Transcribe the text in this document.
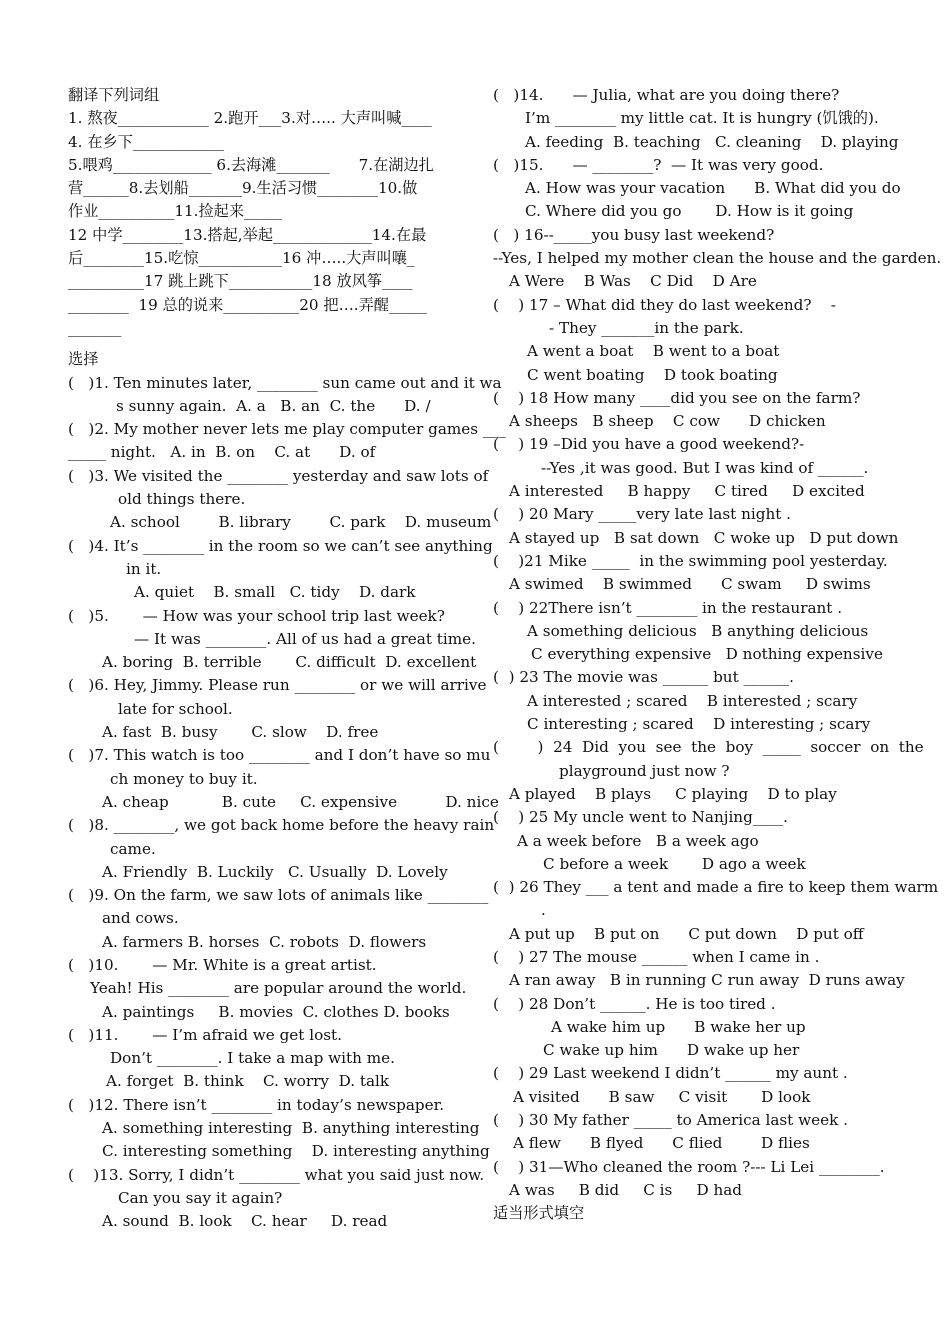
翻译下列词组
1. 熬夜____________ 2.跑开___3.对….. 大声叫喊____
4. 在乡下____________
5.喂鸡_____________ 6.去海滩_______      7.在湖边扎
营______8.去划船_______9.生活习惯________10.做
作业__________11.捡起来_____
12 中学________13.搭起,举起_____________14.在最
后________15.吃惊___________16 冲…..大声叫嚷_
__________17 跳上跳下___________18 放风筝____
________  19 总的说来__________20 把….弄醒_____
_______
选择
(   )1. Ten minutes later, ________ sun came out and it wa
s sunny again.  A. a   B. an  C. the      D. /
(   )2. My mother never lets me play computer games ___
_____ night.   A. in  B. on    C. at      D. of
(   )3. We visited the ________ yesterday and saw lots of
old things there.
A. school        B. library        C. park    D. museum
(   )4. It’s ________ in the room so we can’t see anything
in it.
A. quiet    B. small   C. tidy    D. dark
(   )5.       — How was your school trip last week?
— It was ________. All of us had a great time.
A. boring  B. terrible       C. difficult  D. excellent
(   )6. Hey, Jimmy. Please run ________ or we will arrive
late for school.
A. fast  B. busy       C. slow    D. free
(   )7. This watch is too ________ and I don’t have so mu
ch money to buy it.
A. cheap           B. cute     C. expensive          D. nice
(   )8. ________, we got back home before the heavy rain
came.
A. Friendly  B. Luckily   C. Usually  D. Lovely
(   )9. On the farm, we saw lots of animals like ________
and cows.
A. farmers B. horses  C. robots  D. flowers
(   )10.       — Mr. White is a great artist.
Yeah! His ________ are popular around the world.
A. paintings     B. movies  C. clothes D. books
(   )11.       — I’m afraid we get lost.
Don’t ________. I take a map with me.
A. forget  B. think    C. worry  D. talk
(   )12. There isn’t ________ in today’s newspaper.
A. something interesting  B. anything interesting
C. interesting something    D. interesting anything
(    )13. Sorry, I didn’t ________ what you said just now.
Can you say it again?
A. sound  B. look    C. hear     D. read
(   )14.      — Julia, what are you doing there?
I’m ________ my little cat. It is hungry (饥饿的).
A. feeding  B. teaching   C. cleaning    D. playing
(   )15.      — ________?  — It was very good.
A. How was your vacation      B. What did you do
C. Where did you go       D. How is it going
(   ) 16--_____you busy last weekend?
--Yes, I helped my mother clean the house and the garden.
A Were    B Was    C Did    D Are
(    ) 17 – What did they do last weekend?    -
- They _______in the park.
A went a boat    B went to a boat
C went boating    D took boating
(    ) 18 How many ____did you see on the farm?
A sheeps   B sheep    C cow      D chicken
(    ) 19 –Did you have a good weekend?-
--Yes ,it was good. But I was kind of ______.
A interested     B happy     C tired     D excited
(    ) 20 Mary _____very late last night .
A stayed up   B sat down   C woke up   D put down
(    )21 Mike _____  in the swimming pool yesterday.
A swimed    B swimmed      C swam     D swims
(    ) 22There isn’t ________ in the restaurant .
A something delicious   B anything delicious
C everything expensive   D nothing expensive
(  ) 23 The movie was ______ but ______.
A interested ; scared    B interested ; scary
C interesting ; scared    D interesting ; scary
(        )  24  Did  you  see  the  boy  _____  soccer  on  the
playground just now ?
A played    B plays     C playing    D to play
(    ) 25 My uncle went to Nanjing____.
A a week before   B a week ago
C before a week       D ago a week
(  ) 26 They ___ a tent and made a fire to keep them warm
.
A put up    B put on      C put down    D put off
(    ) 27 The mouse ______ when I came in .
A ran away   B in running C run away  D runs away
(    ) 28 Don’t ______. He is too tired .
A wake him up      B wake her up
C wake up him      D wake up her
(    ) 29 Last weekend I didn’t ______ my aunt .
A visited      B saw     C visit       D look
(    ) 30 My father _____ to America last week .
A flew      B flyed      C flied        D flies
(    ) 31—Who cleaned the room ?--- Li Lei ________.
A was     B did     C is     D had
适当形式填空
